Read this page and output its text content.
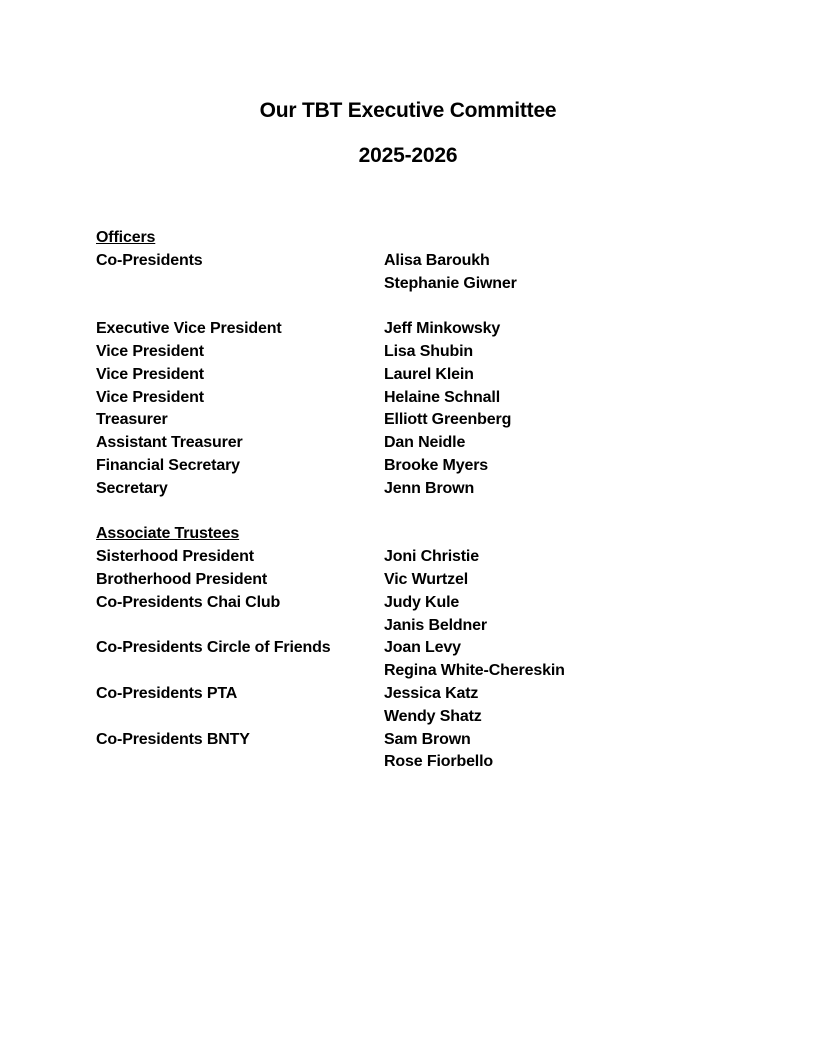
Our TBT Executive Committee
2025-2026
Officers
Co-Presidents	Alisa Baroukh
Stephanie Giwner
Executive Vice President	Jeff Minkowsky
Vice President	Lisa Shubin
Vice President	Laurel Klein
Vice President	Helaine Schnall
Treasurer	Elliott Greenberg
Assistant Treasurer	Dan Neidle
Financial Secretary	Brooke Myers
Secretary	Jenn Brown
Associate Trustees
Sisterhood President	Joni Christie
Brotherhood President	Vic Wurtzel
Co-Presidents Chai Club	Judy Kule
Janis Beldner
Co-Presidents Circle of Friends	Joan Levy
Regina White-Chereskin
Co-Presidents PTA	Jessica Katz
Wendy Shatz
Co-Presidents BNTY	Sam Brown
Rose Fiorbello
